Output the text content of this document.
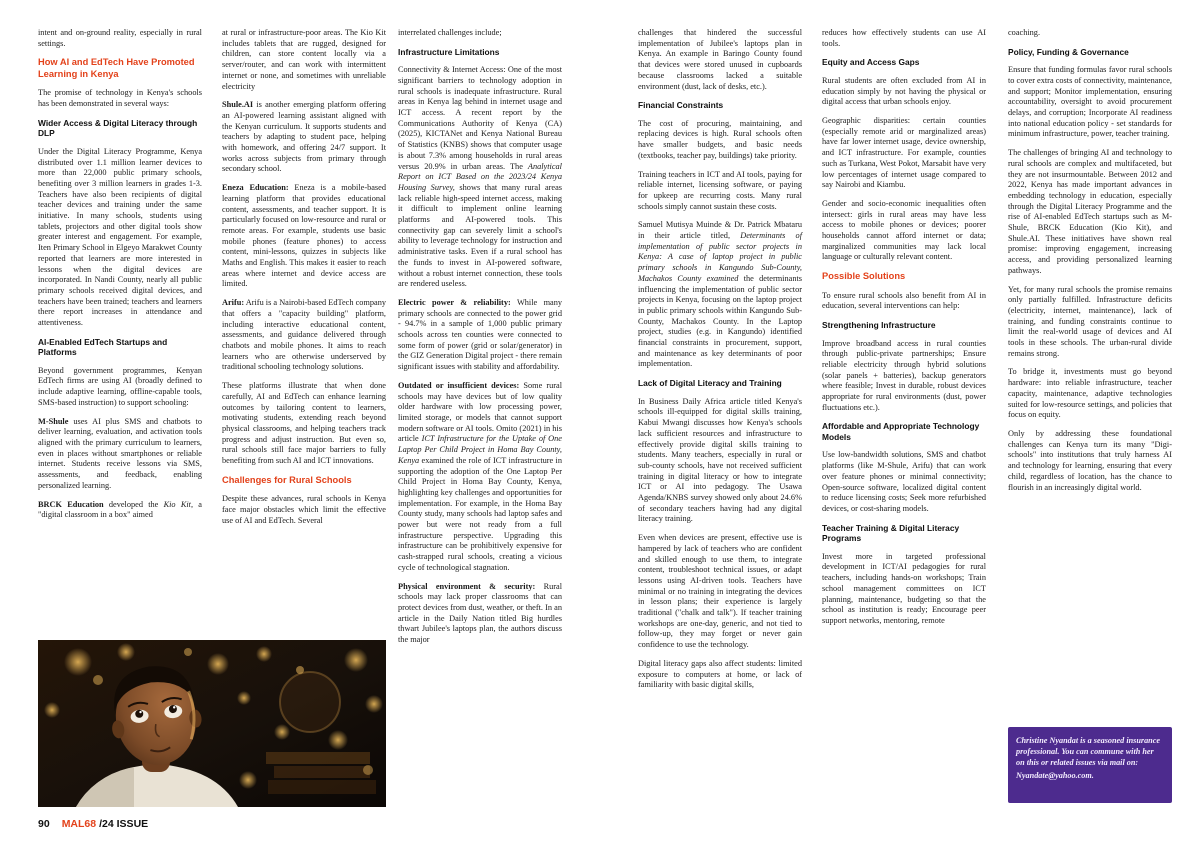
intent and on-ground reality, especially in rural settings.

How AI and EdTech Have Promoted Learning in Kenya

The promise of technology in Kenya's schools has been demonstrated in several ways:

Wider Access & Digital Literacy through DLP

Under the Digital Literacy Programme, Kenya distributed over 1.1 million learner devices to more than 22,000 public primary schools, benefiting over 3 million learners in grades 1-3. Teachers have also been recipients of digital teacher devices and training under the same initiative. In many schools, students using tablets, projectors and other digital tools show greater interest and engagement. For example, Iten Primary School in Elgeyo Marakwet County reported that learners are more interested in lessons when the digital devices are incorporated. In Nandi County, nearly all public primary schools received digital devices, and teachers have been trained; teachers and learners there report increases in attendance and attentiveness.

AI-Enabled EdTech Startups and Platforms

Beyond government programmes, Kenyan EdTech firms are using AI (broadly defined to include adaptive learning, offline-capable tools, SMS-based instruction) to support schooling:

M-Shule uses AI plus SMS and chatbots to deliver learning, evaluation, and activation tools aligned with the primary curriculum to learners, even in places without smartphones or reliable internet. Students receive lessons via SMS, assessments, and feedback, enabling personalized learning.

BRCK Education developed the Kio Kit, a "digital classroom in a box" aimed

at rural or infrastructure-poor areas. The Kio Kit includes tablets that are rugged, designed for children, can store content locally via a server/router, and can work with intermittent internet or none, and sometimes with unreliable electricity

Shule.AI is another emerging platform offering an AI-powered learning assistant aligned with the Kenyan curriculum. It supports students and teachers by adapting to student pace, helping with homework, and offering 24/7 support. It works across subjects from primary through secondary school.

Eneza Education: Eneza is a mobile-based learning platform that provides educational content, assessments, and teacher support. It is particularly focused on low-resource and rural or remote areas. For example, students use basic mobile phones (feature phones) to access content, mini-lessons, quizzes in subjects like Maths and English. This makes it easier to reach areas where internet and device access are limited.

Arifu: Arifu is a Nairobi-based EdTech company that offers a "capacity building" platform, including interactive educational content, assessments, and guidance delivered through chatbots and mobile phones. It aims to reach learners who are otherwise underserved by traditional schooling technology solutions.

These platforms illustrate that when done carefully, AI and EdTech can enhance learning outcomes by tailoring content to learners, motivating students, extending reach beyond physical classrooms, and helping teachers track progress and adjust instruction. But even so, rural schools still face major barriers to fully benefiting from such AI and ICT innovations.

Challenges for Rural Schools

Despite these advances, rural schools in Kenya face major obstacles which limit the effective use of AI and EdTech. Several

interrelated challenges include;

Infrastructure Limitations

Connectivity & Internet Access: One of the most significant barriers to technology adoption in rural schools is inadequate infrastructure. Rural areas in Kenya lag behind in internet usage and ICT access. A recent report by the Communications Authority of Kenya (CA) (2025), KICTANet and Kenya National Bureau of Statistics (KNBS) shows that computer usage is about 7.3% among households in rural areas versus 20.9% in urban areas. The Analytical Report on ICT Based on the 2023/24 Kenya Housing Survey, shows that many rural areas lack reliable high-speed internet access, making it difficult to implement online learning platforms and AI-powered tools. This connectivity gap can severely limit a school's ability to leverage technology for instruction and administrative tasks. Even if a rural school has the funds to invest in AI-powered software, without a robust internet connection, these tools are rendered useless.

Electric power & reliability: While many primary schools are connected to the power grid - 94.7% in a sample of 1,000 public primary schools across ten counties were connected to some form of power (grid or solar/generator) in the GIZ Generation Digital project - there remain significant issues with stability and affordability.

Outdated or insufficient devices: Some rural schools may have devices but of low quality older hardware with low processing power, limited storage, or models that cannot support modern software or AI tools. Omito (2021) in his article ICT Infrastructure for the Uptake of One Laptop Per Child Project in Homa Bay County, Kenya examined the role of ICT infrastructure in supporting the adoption of the One Laptop Per Child Project in Homa Bay County, Kenya, highlighting key challenges and opportunities for implementation. For example, in the Homa Bay County study, many schools had laptop safes and power but were not ready from a full infrastructure perspective. Upgrading this infrastructure can be prohibitively expensive for cash-strapped rural schools, creating a vicious cycle of technological stagnation.

Physical environment & security: Rural schools may lack proper classrooms that can protect devices from dust, weather, or theft. In an article in the Daily Nation titled Big hurdles thwart Jubilee's laptops plan, the authors discuss the major

challenges that hindered the successful implementation of Jubilee's laptops plan in Kenya. An example in Baringo County found that devices were stored unused in cupboards because classrooms lacked a suitable environment (dust, lack of desks, etc.).

Financial Constraints

The cost of procuring, maintaining, and replacing devices is high. Rural schools often have smaller budgets, and basic needs (textbooks, teacher pay, buildings) take priority.

Training teachers in ICT and AI tools, paying for reliable internet, licensing software, or paying for upkeep are recurring costs. Many rural schools simply cannot sustain these costs.

Samuel Mutisya Muinde & Dr. Patrick Mbataru in their article titled, Determinants of implementation of public sector projects in Kenya: A case of laptop project in public primary schools in Kangundo Sub-County, Machakos County examined the determinants influencing the implementation of public sector projects in Kenya, focusing on the laptop project in public primary schools within Kangundo Sub-County, Machakos County. In the Laptop project, studies (e.g. in Kangundo) identified financial constraints in procurement, support, and maintenance as key determinants of poor implementation.

Lack of Digital Literacy and Training

In Business Daily Africa article titled Kenya's schools ill-equipped for digital skills training, Kabui Mwangi discusses how Kenya's schools lack sufficient resources and infrastructure to effectively provide digital skills training to students. Many teachers, especially in rural or sub-county schools, have not received sufficient training in digital literacy or how to integrate ICT or AI into pedagogy. The Usawa Agenda/KNBS survey showed only about 24.6% of secondary teachers having had any digital literacy training.

Even when devices are present, effective use is hampered by lack of teachers who are confident and skilled enough to use them, to integrate content, troubleshoot technical issues, or adapt lessons using AI-driven tools. Teachers have minimal or no training in integrating the devices in lesson plans; their experience is largely traditional ("chalk and talk"). If teacher training workshops are one-day, generic, and not tied to follow-up, they may forget or never gain confidence to use the technology.

Digital literacy gaps also affect students: limited exposure to computers at home, or lack of familiarity with basic digital skills,

reduces how effectively students can use AI tools.

Equity and Access Gaps

Rural students are often excluded from AI in education simply by not having the physical or digital access that urban schools enjoy.

Geographic disparities: certain counties (especially remote arid or marginalized areas) have far lower internet usage, device ownership, and ICT infrastructure. For example, counties such as Turkana, West Pokot, Marsabit have very low percentages of internet usage compared to say Nairobi and Kiambu.

Gender and socio-economic inequalities often intersect: girls in rural areas may have less access to mobile phones or devices; poorer households cannot afford internet or data; marginalized communities may lack local language or culturally relevant content.

Possible Solutions

To ensure rural schools also benefit from AI in education, several interventions can help:

Strengthening Infrastructure

Improve broadband access in rural counties through public-private partnerships; Ensure reliable electricity through hybrid solutions (solar panels + batteries), backup generators where feasible; Invest in durable, robust devices appropriate for rural environments (dust, power fluctuations etc.).

Affordable and Appropriate Technology Models

Use low-bandwidth solutions, SMS and chatbot platforms (like M-Shule, Arifu) that can work over feature phones or minimal connectivity; Open-source software, localized digital content to reduce licensing costs; Seek more refurbished devices, or cost-sharing models.

Teacher Training & Digital Literacy Programs

Invest more in targeted professional development in ICT/AI pedagogies for rural teachers, including hands-on workshops; Train school management committees on ICT planning, maintenance, budgeting so that the school as institution is ready; Encourage peer support networks, mentoring, remote

coaching.

Policy, Funding & Governance

Ensure that funding formulas favor rural schools to cover extra costs of connectivity, maintenance, and support; Monitor implementation, ensuring accountability, oversight to avoid procurement delays, and corruption; Incorporate AI readiness into national education policy - set standards for minimum infrastructure, power, teacher training.

The challenges of bringing AI and technology to rural schools are complex and multifaceted, but they are not insurmountable. Between 2012 and 2022, Kenya has made important advances in embedding technology in education, especially through the Digital Literacy Programme and the rise of AI-enabled EdTech startups such as M-Shule, BRCK Education (Kio Kit), and Shule.AI. These initiatives have shown real promise: improving engagement, increasing access, and providing personalized learning pathways.

Yet, for many rural schools the promise remains only partially fulfilled. Infrastructure deficits (electricity, internet, maintenance), lack of training, and funding constraints continue to limit the real-world usage of devices and AI tools in these schools. The urban-rural divide remains strong.

To bridge it, investments must go beyond hardware: into reliable infrastructure, teacher capacity, maintenance, adaptive technologies suited for low-resource settings, and policies that focus on equity.

Only by addressing these foundational challenges can Kenya turn its many "Digi-schools" into institutions that truly harness AI and technology for learning, ensuring that every child, regardless of location, has the chance to flourish in an increasingly digital world.

Christine Nyandat is a seasoned insurance professional. You can commune with her on this or related issues via mail on:
Nyandate@yahoo.com.
90 MAL68 /24 ISSUE
